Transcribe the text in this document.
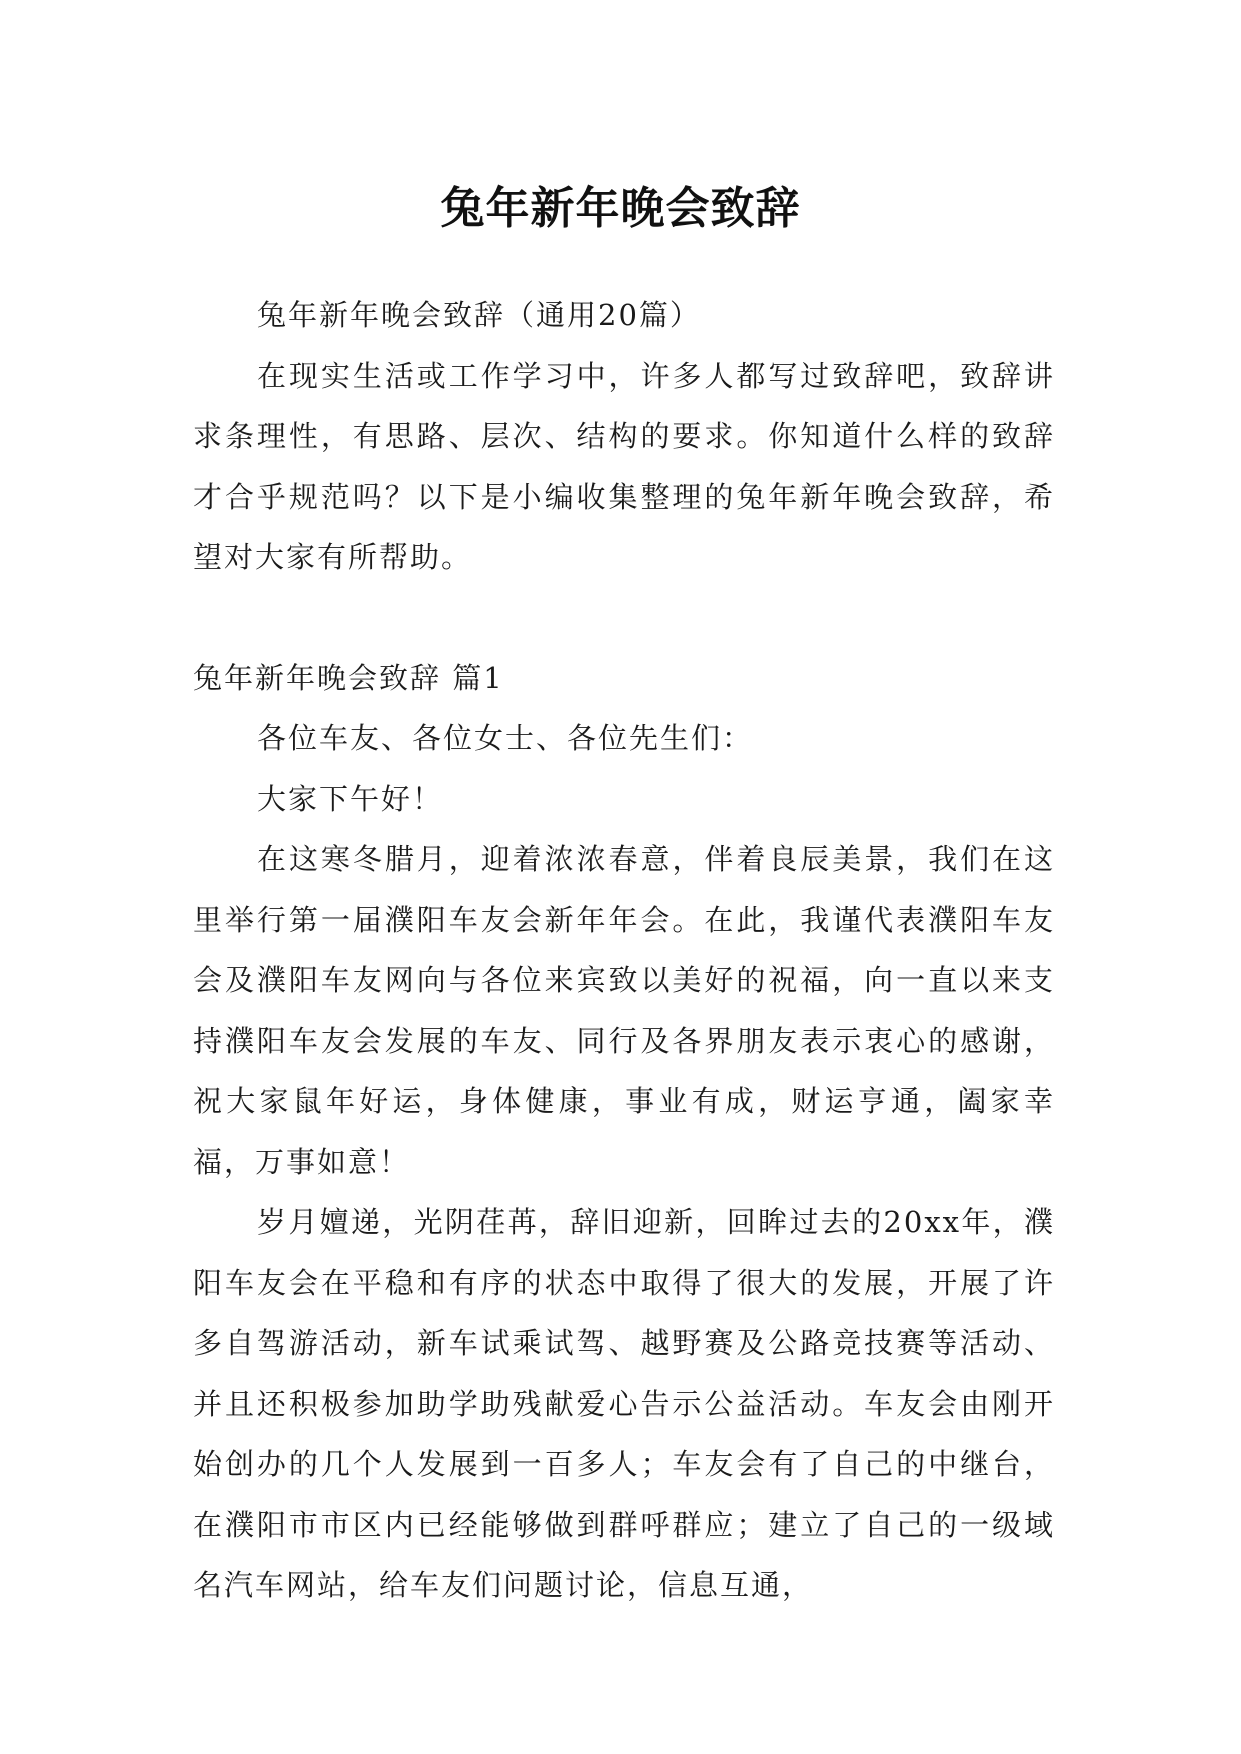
兔年新年晚会致辞

兔年新年晚会致辞（通用20篇）

在现实生活或工作学习中，许多人都写过致辞吧，致辞讲求条理性，有思路、层次、结构的要求。你知道什么样的致辞才合乎规范吗？以下是小编收集整理的兔年新年晚会致辞，希望对大家有所帮助。

兔年新年晚会致辞 篇1

各位车友、各位女士、各位先生们：

大家下午好！

在这寒冬腊月，迎着浓浓春意，伴着良辰美景，我们在这里举行第一届濮阳车友会新年年会。在此，我谨代表濮阳车友会及濮阳车友网向与各位来宾致以美好的祝福，向一直以来支持濮阳车友会发展的车友、同行及各界朋友表示衷心的感谢，祝大家鼠年好运，身体健康，事业有成，财运亨通，阖家幸福，万事如意！

岁月嬗递，光阴荏苒，辞旧迎新，回眸过去的20xx年，濮阳车友会在平稳和有序的状态中取得了很大的发展，开展了许多自驾游活动，新车试乘试驾、越野赛及公路竞技赛等活动、并且还积极参加助学助残献爱心告示公益活动。车友会由刚开始创办的几个人发展到一百多人；车友会有了自己的中继台，在濮阳市市区内已经能够做到群呼群应；建立了自己的一级域名汽车网站，给车友们问题讨论，信息互通，
